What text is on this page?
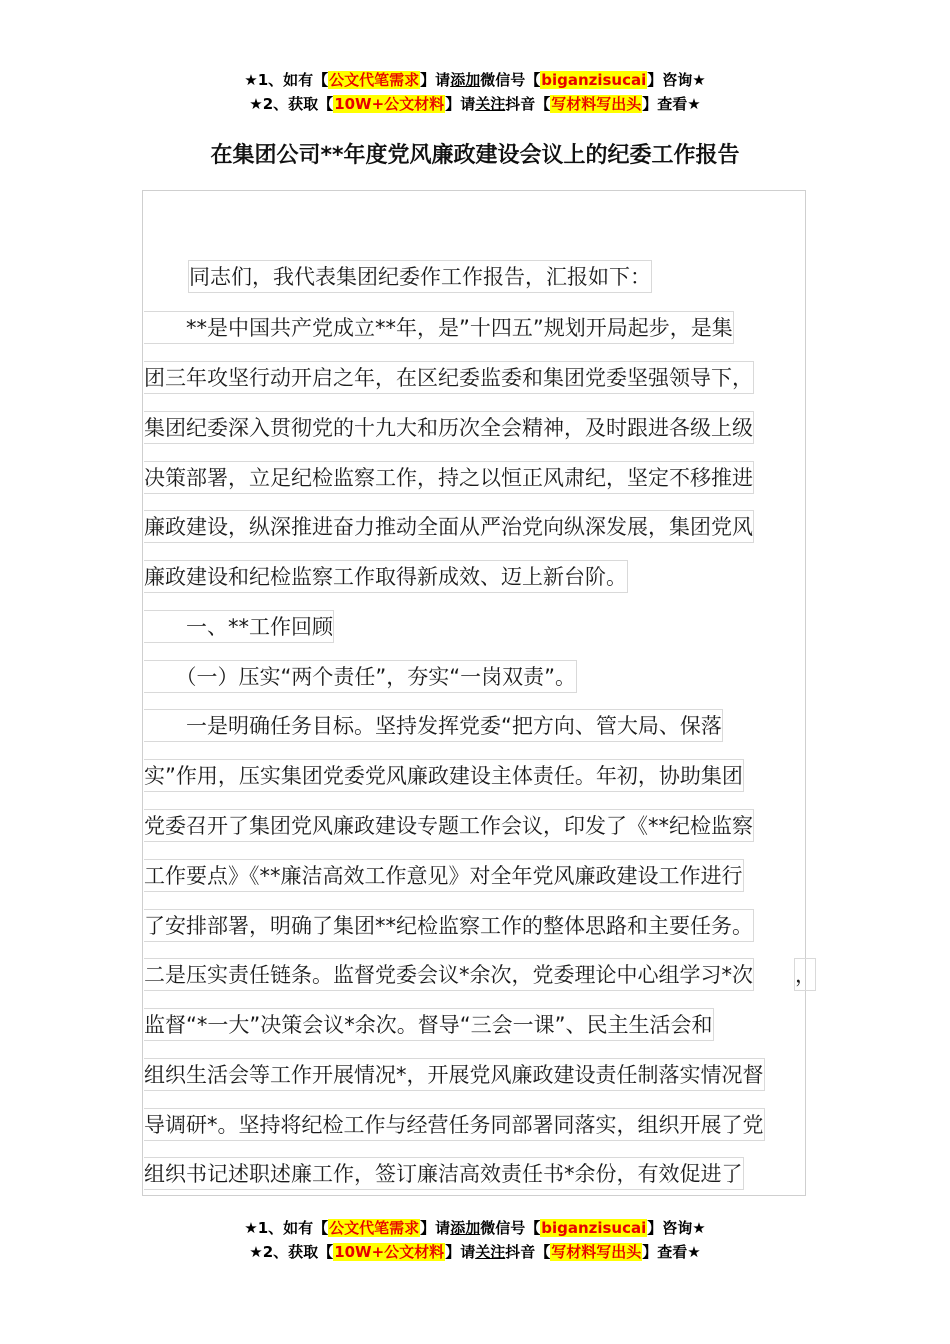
★1、如有【公文代笔需求】请添加微信号【biganzisucai】咨询★
★2、获取【10W+公文材料】请关注抖音【写材料写出头】查看★
在集团公司**年度党风廉政建设会议上的纪委工作报告
同志们，我代表集团纪委作工作报告，汇报如下：
　　**是中国共产党成立**年，是”十四五”规划开局起步，是集
团三年攻坚行动开启之年，在区纪委监委和集团党委坚强领导下，
集团纪委深入贯彻党的十九大和历次全会精神，及时跟进各级上级
决策部署，立足纪检监察工作，持之以恒正风肃纪，坚定不移推进
廉政建设，纵深推进奋力推动全面从严治党向纵深发展，集团党风
廉政建设和纪检监察工作取得新成效、迈上新台阶。
　　一、**工作回顾
　　（一）压实“两个责任”，夯实“一岗双责”。
　　一是明确任务目标。坚持发挥党委“把方向、管大局、保落
实”作用，压实集团党委党风廉政建设主体责任。年初，协助集团
党委召开了集团党风廉政建设专题工作会议，印发了《**纪检监察
工作要点》《**廉洁高效工作意见》对全年党风廉政建设工作进行
了安排部署，明确了集团**纪检监察工作的整体思路和主要任务。
二是压实责任链条。监督党委会议*余次，党委理论中心组学习*次 ，
监督“*一大”决策会议*余次。督导“三会一课”、民主生活会和
组织生活会等工作开展情况*，开展党风廉政建设责任制落实情况督
导调研*。坚持将纪检工作与经营任务同部署同落实，组织开展了党
组织书记述职述廉工作，签订廉洁高效责任书*余份，有效促进了
★1、如有【公文代笔需求】请添加微信号【biganzisucai】咨询★
★2、获取【10W+公文材料】请关注抖音【写材料写出头】查看★
